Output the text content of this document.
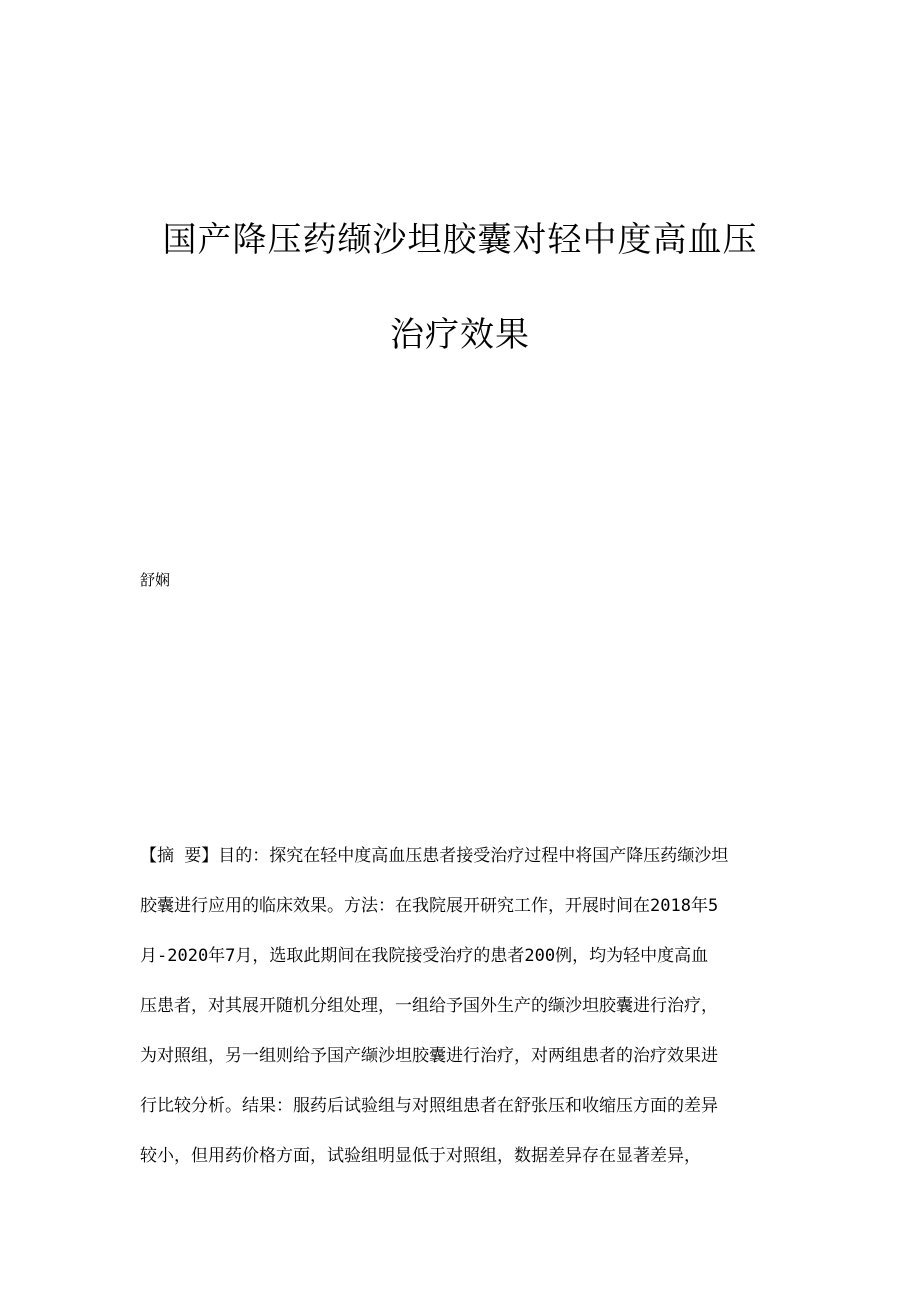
国产降压药缬沙坦胶囊对轻中度高血压
治疗效果
舒娴
【摘 要】目的：探究在轻中度高血压患者接受治疗过程中将国产降压药缬沙坦
胶囊进行应用的临床效果。方法：在我院展开研究工作，开展时间在2018年5
月-2020年7月，选取此期间在我院接受治疗的患者200例，均为轻中度高血
压患者，对其展开随机分组处理，一组给予国外生产的缬沙坦胶囊进行治疗，
为对照组，另一组则给予国产缬沙坦胶囊进行治疗，对两组患者的治疗效果进
行比较分析。结果：服药后试验组与对照组患者在舒张压和收缩压方面的差异
较小，但用药价格方面，试验组明显低于对照组，数据差异存在显著差异，
